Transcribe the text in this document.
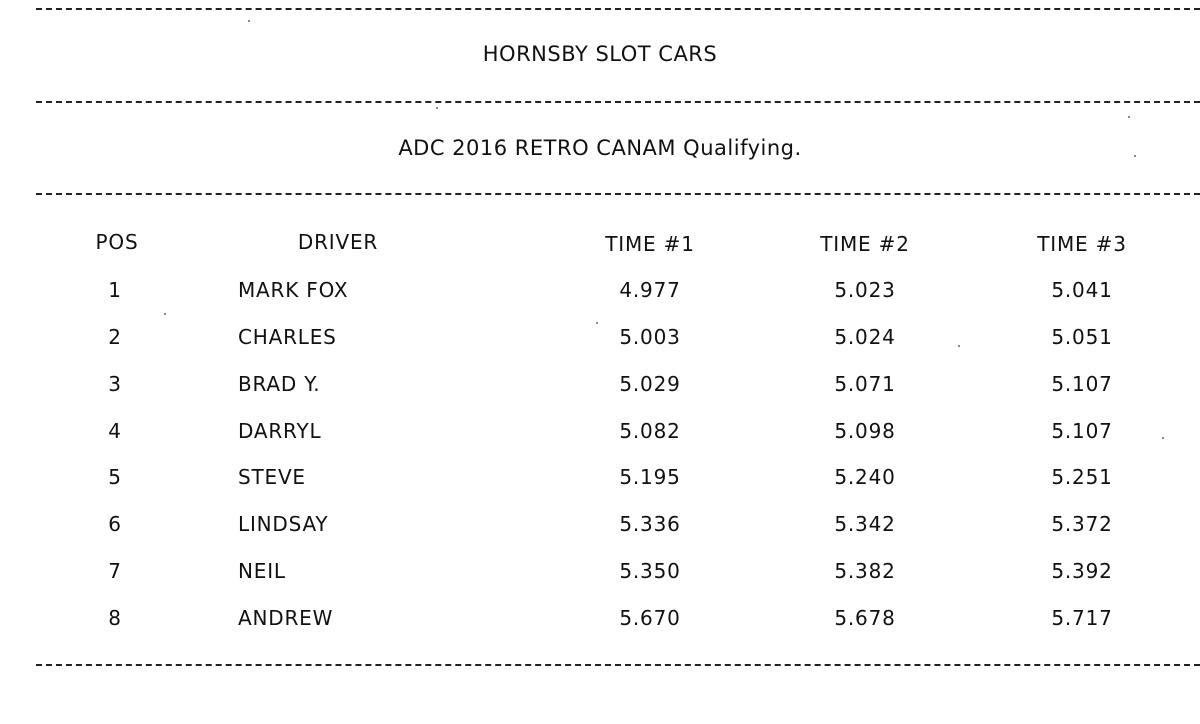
HORNSBY SLOT CARS
ADC 2016 RETRO CANAM Qualifying.
POS	DRIVER	TIME #1	TIME #2	TIME #3
1	MARK FOX	4.977	5.023	5.041
2	CHARLES	5.003	5.024	5.051
3	BRAD Y.	5.029	5.071	5.107
4	DARRYL	5.082	5.098	5.107
5	STEVE	5.195	5.240	5.251
6	LINDSAY	5.336	5.342	5.372
7	NEIL	5.350	5.382	5.392
8	ANDREW	5.670	5.678	5.717
